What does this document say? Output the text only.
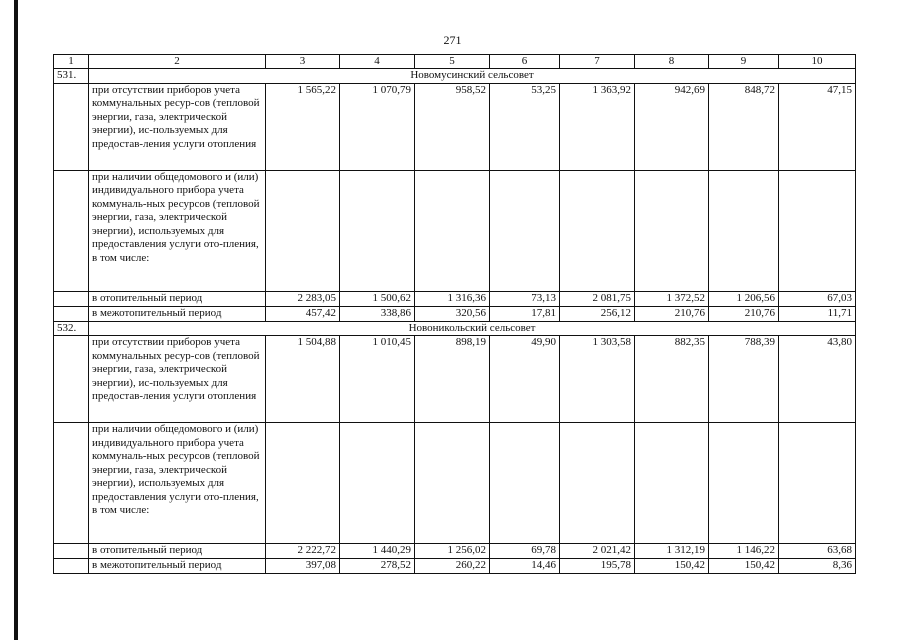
271
1	2	3	4	5	6	7	8	9	10
531.	Новомусинский сельсовет								
	при отсутствии приборов учета коммунальных ресур-сов (тепловой энергии, газа, электрической энергии), ис-пользуемых для предостав-ления услуги отопления	1 565,22	1 070,79	958,52	53,25	1 363,92	942,69	848,72	47,15
	при наличии общедомового и (или) индивидуального прибора учета коммуналь-ных ресурсов (тепловой энергии, газа, электрической энергии), используемых для предоставления услуги ото-пления, в том числе:								
	в отопительный период	2 283,05	1 500,62	1 316,36	73,13	2 081,75	1 372,52	1 206,56	67,03
	в межотопительный период	457,42	338,86	320,56	17,81	256,12	210,76	210,76	11,71
532.	Новоникольский сельсовет								
	при отсутствии приборов учета коммунальных ресур-сов (тепловой энергии, газа, электрической энергии), ис-пользуемых для предостав-ления услуги отопления	1 504,88	1 010,45	898,19	49,90	1 303,58	882,35	788,39	43,80
	при наличии общедомового и (или) индивидуального прибора учета коммуналь-ных ресурсов (тепловой энергии, газа, электрической энергии), используемых для предоставления услуги ото-пления, в том числе:								
	в отопительный период	2 222,72	1 440,29	1 256,02	69,78	2 021,42	1 312,19	1 146,22	63,68
	в межотопительный период	397,08	278,52	260,22	14,46	195,78	150,42	150,42	8,36
